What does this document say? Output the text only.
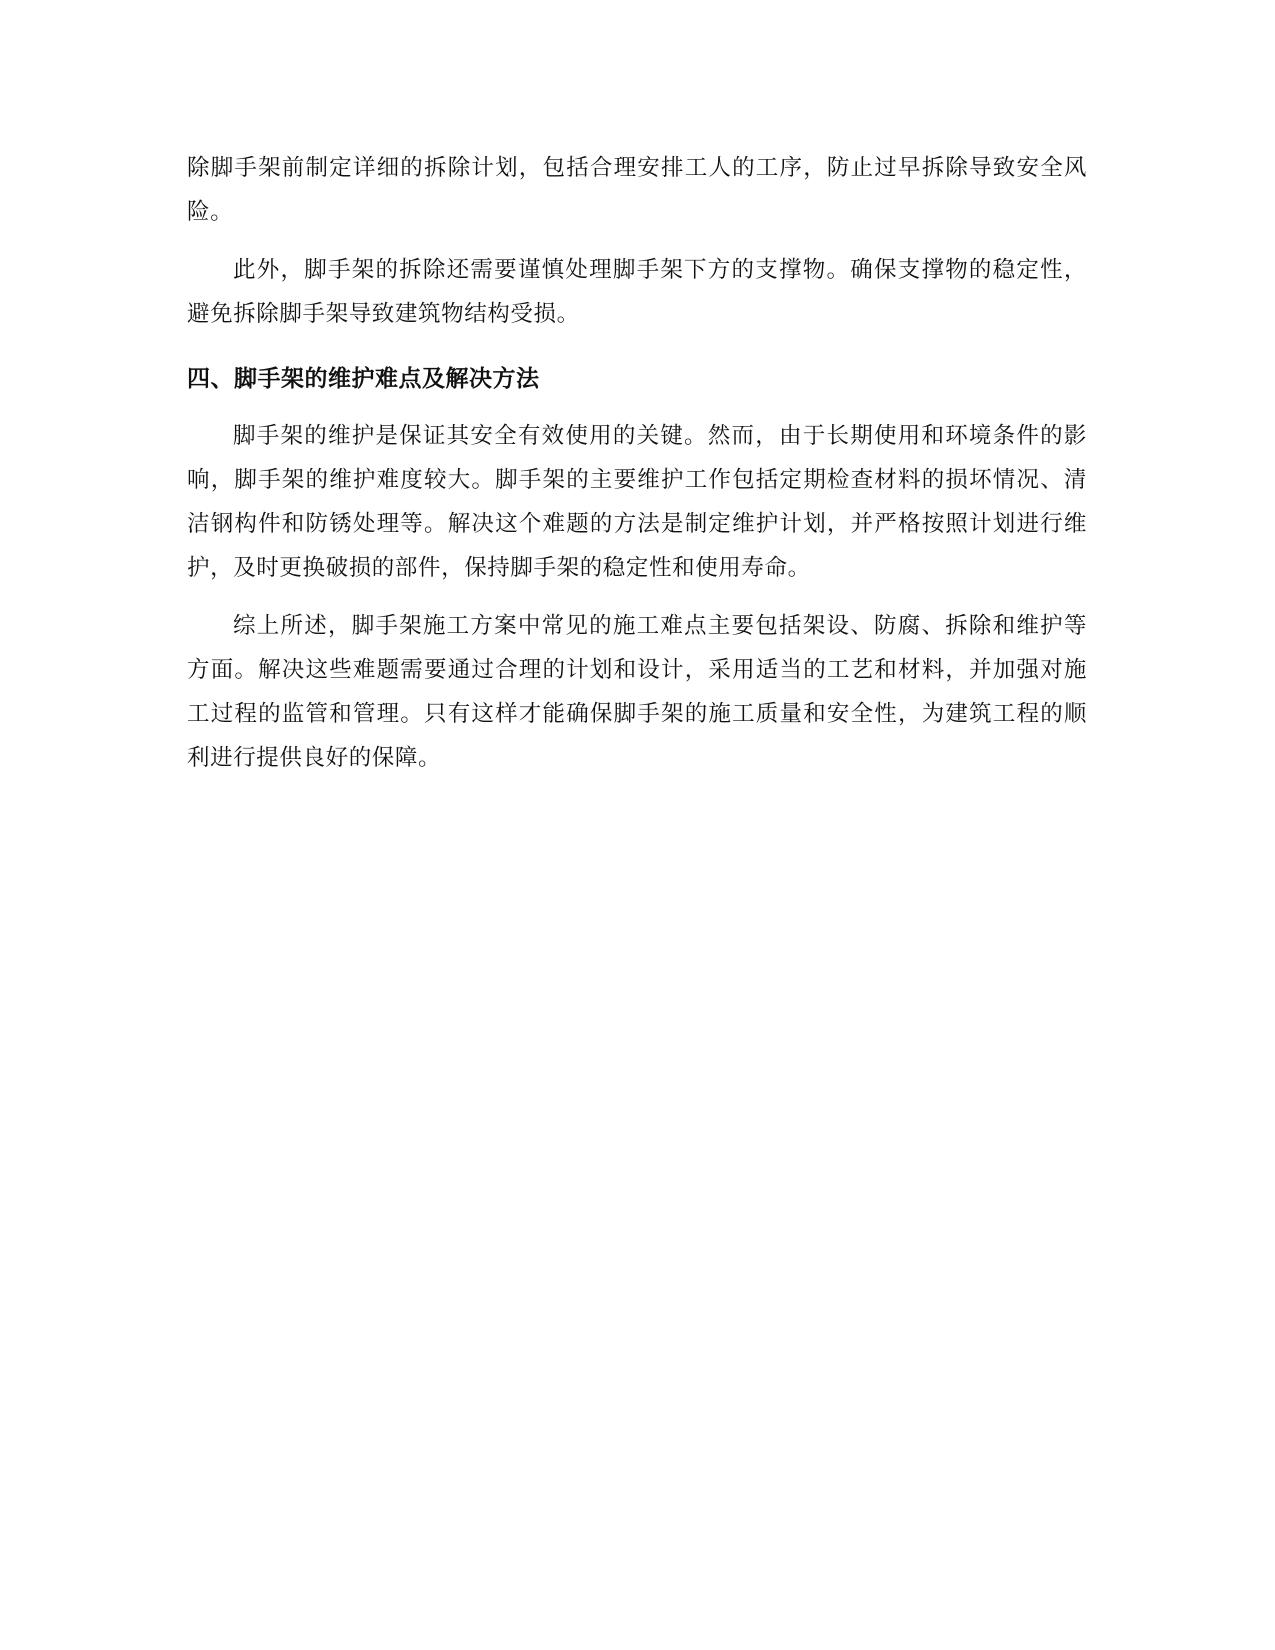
除脚手架前制定详细的拆除计划，包括合理安排工人的工序，防止过早拆除导致安全风险。

此外，脚手架的拆除还需要谨慎处理脚手架下方的支撑物。确保支撑物的稳定性，避免拆除脚手架导致建筑物结构受损。

四、脚手架的维护难点及解决方法

脚手架的维护是保证其安全有效使用的关键。然而，由于长期使用和环境条件的影响，脚手架的维护难度较大。脚手架的主要维护工作包括定期检查材料的损坏情况、清洁钢构件和防锈处理等。解决这个难题的方法是制定维护计划，并严格按照计划进行维护，及时更换破损的部件，保持脚手架的稳定性和使用寿命。

综上所述，脚手架施工方案中常见的施工难点主要包括架设、防腐、拆除和维护等方面。解决这些难题需要通过合理的计划和设计，采用适当的工艺和材料，并加强对施工过程的监管和管理。只有这样才能确保脚手架的施工质量和安全性，为建筑工程的顺利进行提供良好的保障。
